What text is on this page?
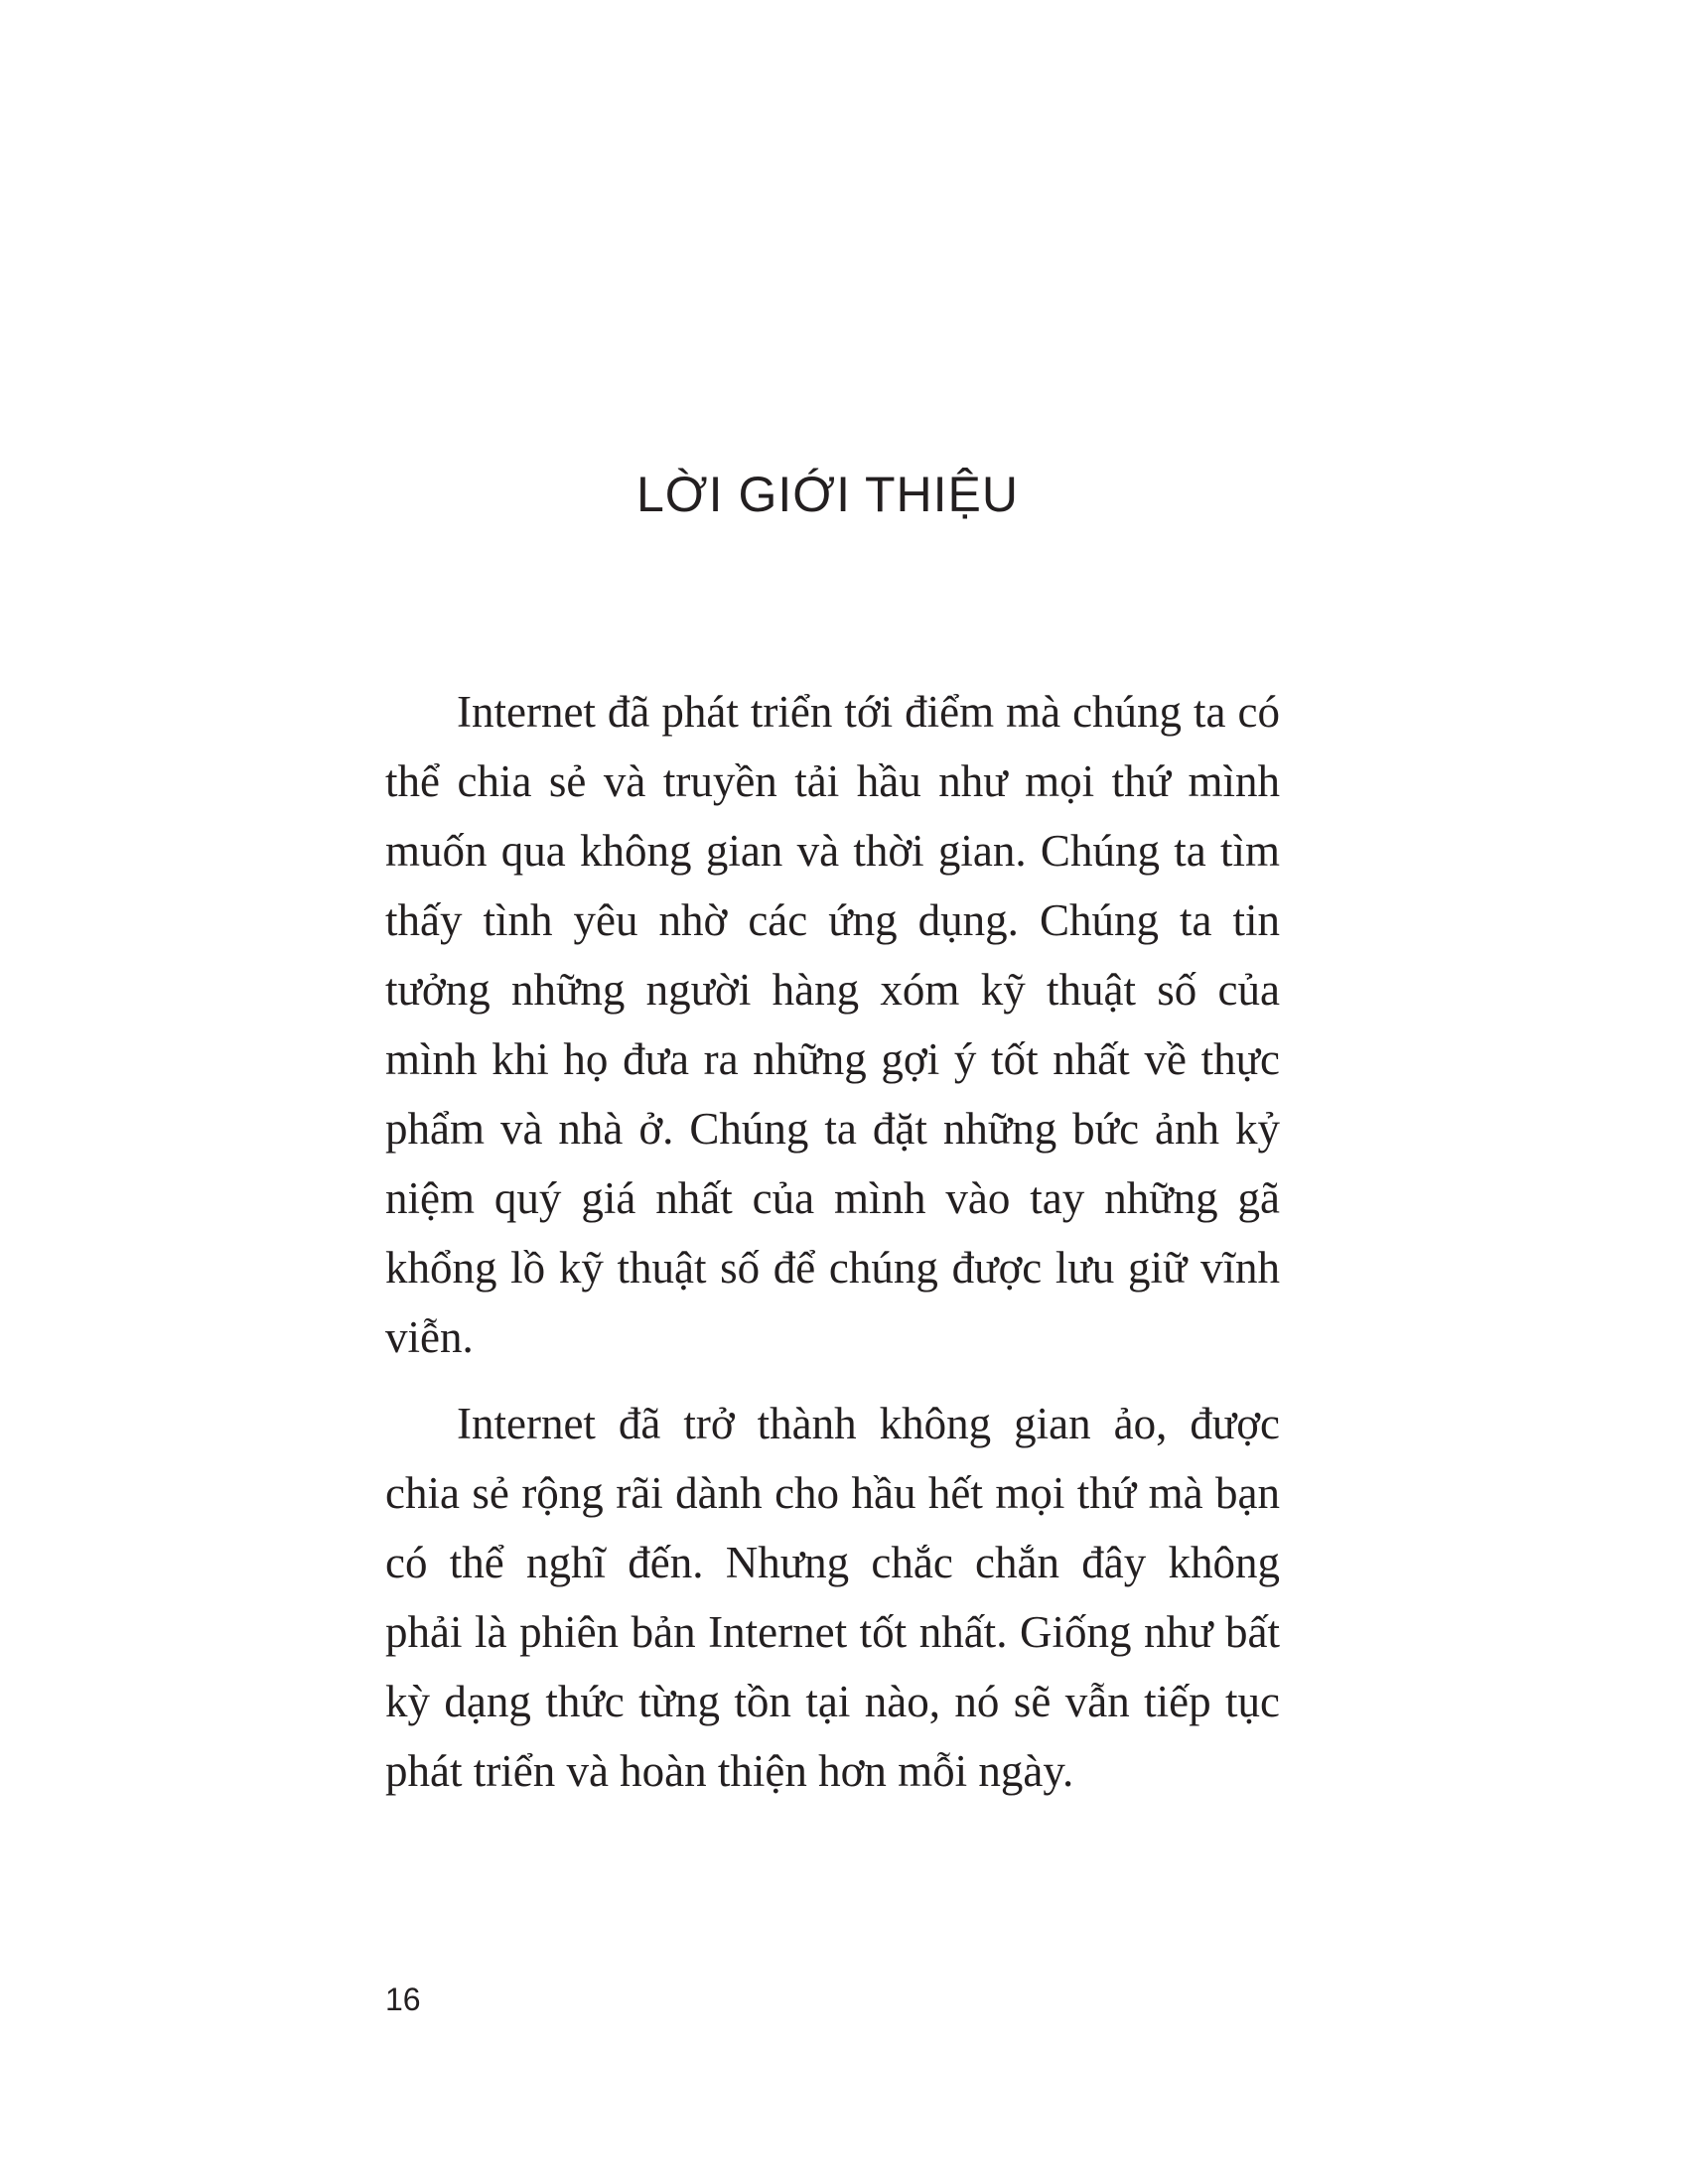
LỜI GIỚI THIỆU

Internet đã phát triển tới điểm mà chúng ta có thể chia sẻ và truyền tải hầu như mọi thứ mình muốn qua không gian và thời gian. Chúng ta tìm thấy tình yêu nhờ các ứng dụng. Chúng ta tin tưởng những người hàng xóm kỹ thuật số của mình khi họ đưa ra những gợi ý tốt nhất về thực phẩm và nhà ở. Chúng ta đặt những bức ảnh kỷ niệm quý giá nhất của mình vào tay những gã khổng lồ kỹ thuật số để chúng được lưu giữ vĩnh viễn.

Internet đã trở thành không gian ảo, được chia sẻ rộng rãi dành cho hầu hết mọi thứ mà bạn có thể nghĩ đến. Nhưng chắc chắn đây không phải là phiên bản Internet tốt nhất. Giống như bất kỳ dạng thức từng tồn tại nào, nó sẽ vẫn tiếp tục phát triển và hoàn thiện hơn mỗi ngày.

16
